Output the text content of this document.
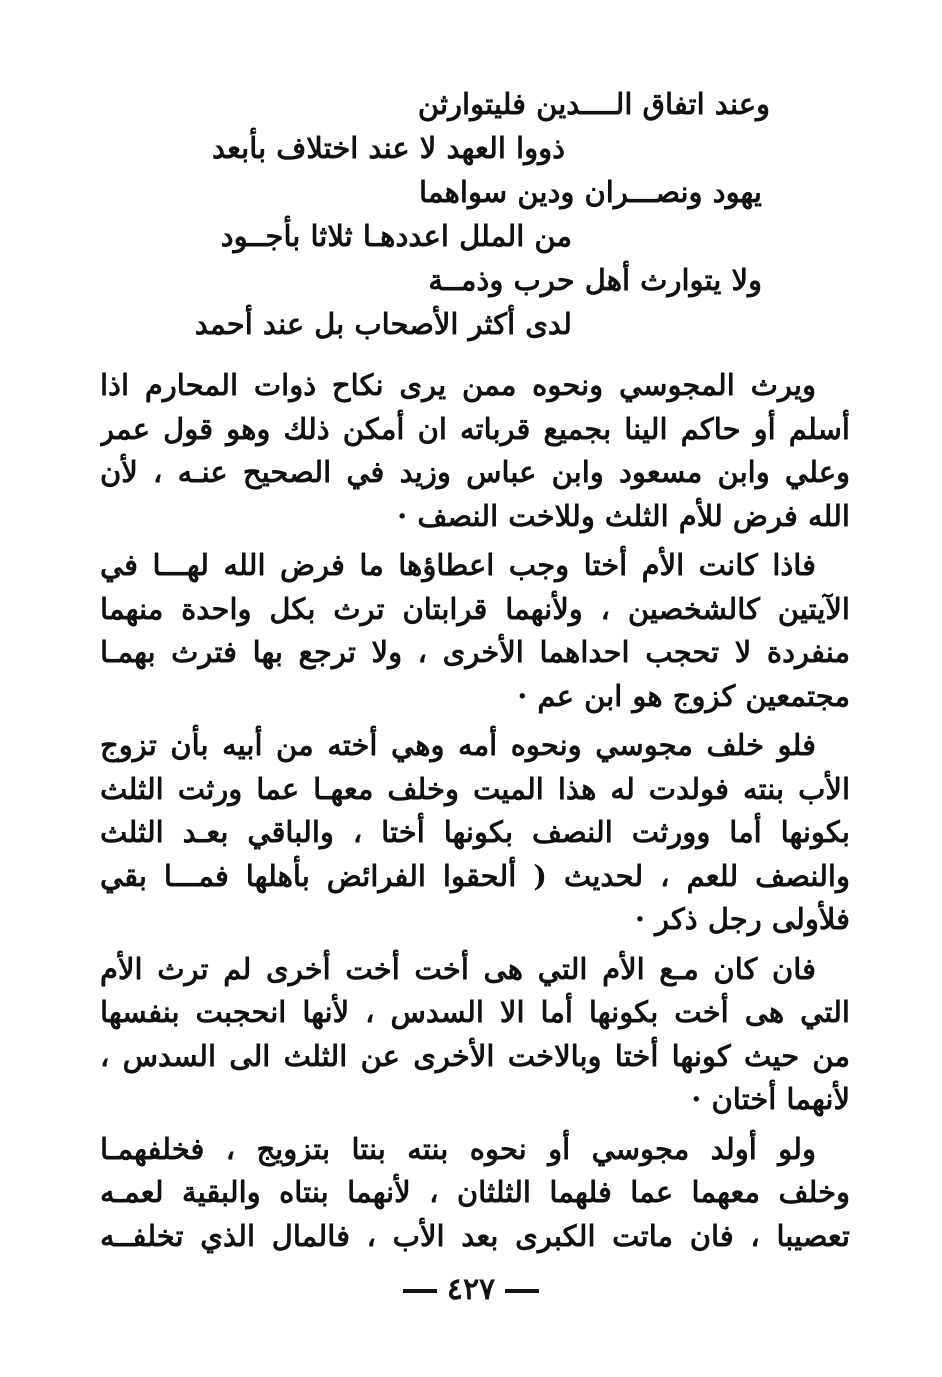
وعند اتفاق الــــدين فليتوارثن
ذووا العهد لا عند اختلاف بأبعد
يهود ونصـــران ودين سواهما
من الملل اعددهـا ثلاثا بأجــود
ولا يتوارث أهل حرب وذمــة
لدى أكثر الأصحاب بل عند أحمد
ويرث المجوسي ونحوه ممن يرى نكاح ذوات المحارم اذا
أسلم أو حاكم الينا بجميع قرباته ان أمكن ذلك وهو قول عمر
وعلي وابن مسعود وابن عباس وزيد في الصحيح عنـه ، لأن
الله فرض للأم الثلث وللاخت النصف ·
فاذا كانت الأم أختا وجب اعطاؤها ما فرض الله لهـــا في
الآيتين كالشخصين ، ولأنهما قرابتان ترث بكل واحدة منهما
منفردة لا تحجب احداهما الأخرى ، ولا ترجع بها فترث بهمـا
مجتمعين كزوج هو ابن عم ·
فلو خلف مجوسي ونحوه أمه وهي أخته من أبيه بأن تزوج
الأب بنته فولدت له هذا الميت وخلف معهـا عما ورثت الثلث
بكونها أما وورثت النصف بكونها أختا ، والباقي بعـد الثلث
والنصف للعم ، لحديث ( ألحقوا الفرائض بأهلها فمـــا بقي
فلأولى رجل ذكر ·
فان كان مـع الأم التي هى أخت أخت أخرى لم ترث الأم
التي هى أخت بكونها أما الا السدس ، لأنها انحجبت بنفسها
من حيث كونها أختا وبالاخت الأخرى عن الثلث الى السدس ،
لأنهما أختان ·
ولو أولد مجوسي أو نحوه بنته بنتا بتزويج ، فخلفهمـا
وخلف معهما عما فلهما الثلثان ، لأنهما بنتاه والبقية لعمـه
تعصيبا ، فان ماتت الكبرى بعد الأب ، فالمال الذي تخلفــه
٤٢٧
